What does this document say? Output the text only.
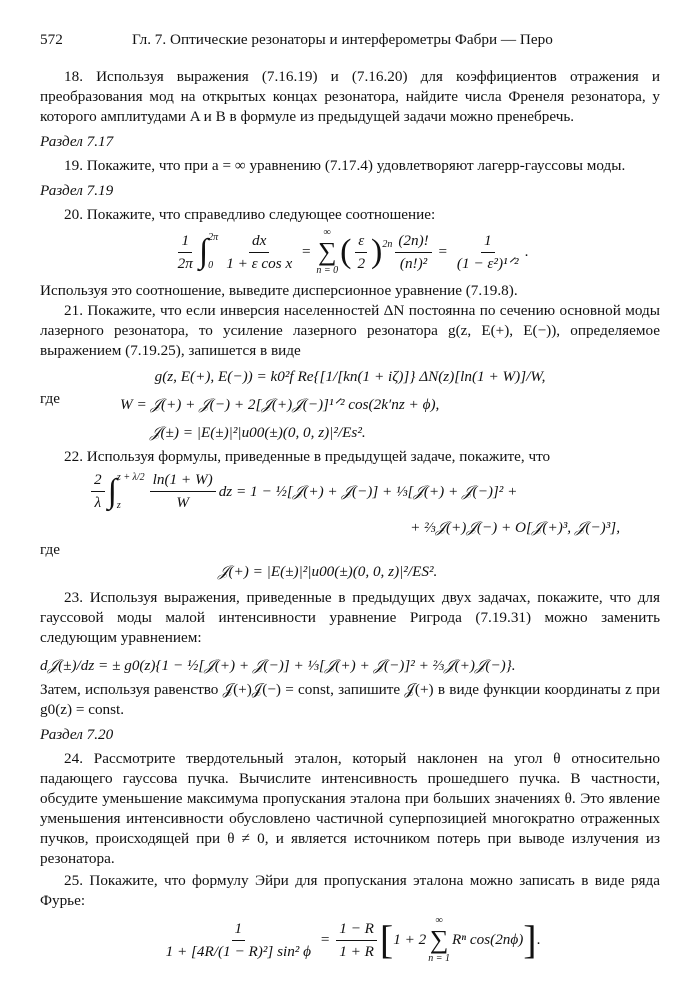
572	Гл. 7. Оптические резонаторы и интерферометры Фабри — Перо

18. Используя выражения (7.16.19) и (7.16.20) для коэффициентов отражения и преобразования мод на открытых концах резонатора, найдите числа Френеля резонатора, у которого амплитудами A и B в формуле из предыдущей задачи можно пренебречь.

Раздел 7.17

19. Покажите, что при a = ∞ уравнению (7.17.4) удовлетворяют лагерр-гауссовы моды.

Раздел 7.19

20. Покажите, что справедливо следующее соотношение:

$\frac{1}{2\pi}$ ∫ 2π
$0 \frac{dx}{\text{1 + ε cos x}}$ =
∞
∑
n = 0
( $\frac{\varepsilon}{2} )^{2n} \frac{(2n)!}{\text{(n!)²}} = \frac{1}{\text{(1 − ε²)¹ᐟ²}}$ .

Используя это соотношение, выведите дисперсионное уравнение (7.19.8).

21. Покажите, что если инверсия населенностей ΔN постоянна по сечению основной моды лазерного резонатора, то усиление лазерного резонатора g(z, E(+), E(−)), определяемое выражением (7.19.25), запишется в виде

g(z, E(+), E(−)) = k0²f Re{[1/[kn(1 + iζ)]} ΔN(z)[ln(1 + W)]/W,
где	W = 𝒥(+) + 𝒥(−) + 2[𝒥(+)𝒥(−)]¹ᐟ² cos(2k′nz + ϕ),
𝒥(±) = |E(±)|²|u00(±)(0, 0, z)|²/Es².

22. Используя формулы, приведенные в предыдущей задаче, покажите, что

$\frac{2}{\lambda}$ ∫ z + λ/2
z	$\frac{\ln(1 + W)}{W}$ dz = 1 − ½[𝒥(+) + 𝒥(−)] + ⅓[𝒥(+) + 𝒥(−)]² +
+ ⅔𝒥(+)𝒥(−) + O[𝒥(+)³, 𝒥(−)³],
где
𝒥(+) = |E(±)|²|u00(±)(0, 0, z)|²/ES².

23. Используя выражения, приведенные в предыдущих двух задачах, покажите, что для гауссовой моды малой интенсивности уравнение Ригрода (7.19.31) можно заменить следующим уравнением:

d𝒥(±)/dz = ± g0(z){1 − ½[𝒥(+) + 𝒥(−)] + ⅓[𝒥(+) + 𝒥(−)]² + ⅔𝒥(+)𝒥(−)}.

Затем, используя равенство 𝒥(+)𝒥(−) = const, запишите 𝒥(+) в виде функции координаты z при g0(z) = const.

Раздел 7.20

24. Рассмотрите твердотельный эталон, который наклонен на угол θ относительно падающего гауссова пучка. Вычислите интенсивность прошедшего пучка. В частности, обсудите уменьшение максимума пропускания эталона при больших значениях θ. Это явление уменьшения интенсивности обусловлено частичной суперпозицией многократно отраженных пучков, происходящей при θ ≠ 0, и является источником потерь при выводе излучения из резонатора.

25. Покажите, что формулу Эйри для пропускания эталона можно записать в виде ряда Фурье:

$\frac{1}{\text{1 + [4R/(1 − R)²] sin² ϕ}} = \frac{1 - R}{1 + R}$ [ 1 + 2
∞
∑
n = 1
Rⁿ cos(2nϕ) ] .
